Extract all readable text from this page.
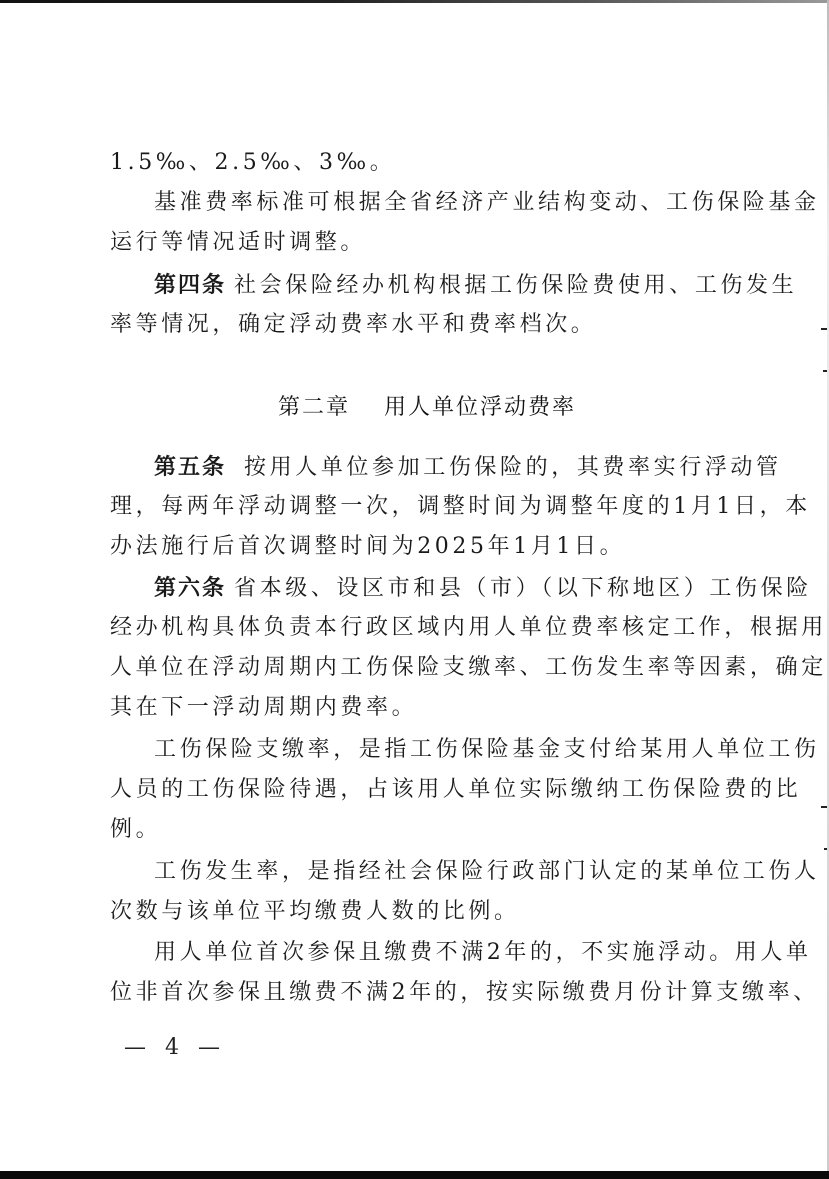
1.5‰、2.5‰、3‰。
基准费率标准可根据全省经济产业结构变动、工伤保险基金
运行等情况适时调整。
第四条 社会保险经办机构根据工伤保险费使用、工伤发生
率等情况，确定浮动费率水平和费率档次。
第二章 用人单位浮动费率
第五条 按用人单位参加工伤保险的，其费率实行浮动管
理，每两年浮动调整一次，调整时间为调整年度的1月1日，本
办法施行后首次调整时间为2025年1月1日。
第六条 省本级、设区市和县（市）（以下称地区）工伤保险
经办机构具体负责本行政区域内用人单位费率核定工作，根据用
人单位在浮动周期内工伤保险支缴率、工伤发生率等因素，确定
其在下一浮动周期内费率。
工伤保险支缴率，是指工伤保险基金支付给某用人单位工伤
人员的工伤保险待遇，占该用人单位实际缴纳工伤保险费的比
例。
工伤发生率，是指经社会保险行政部门认定的某单位工伤人
次数与该单位平均缴费人数的比例。
用人单位首次参保且缴费不满2年的，不实施浮动。用人单
位非首次参保且缴费不满2年的，按实际缴费月份计算支缴率、
— 4 —
